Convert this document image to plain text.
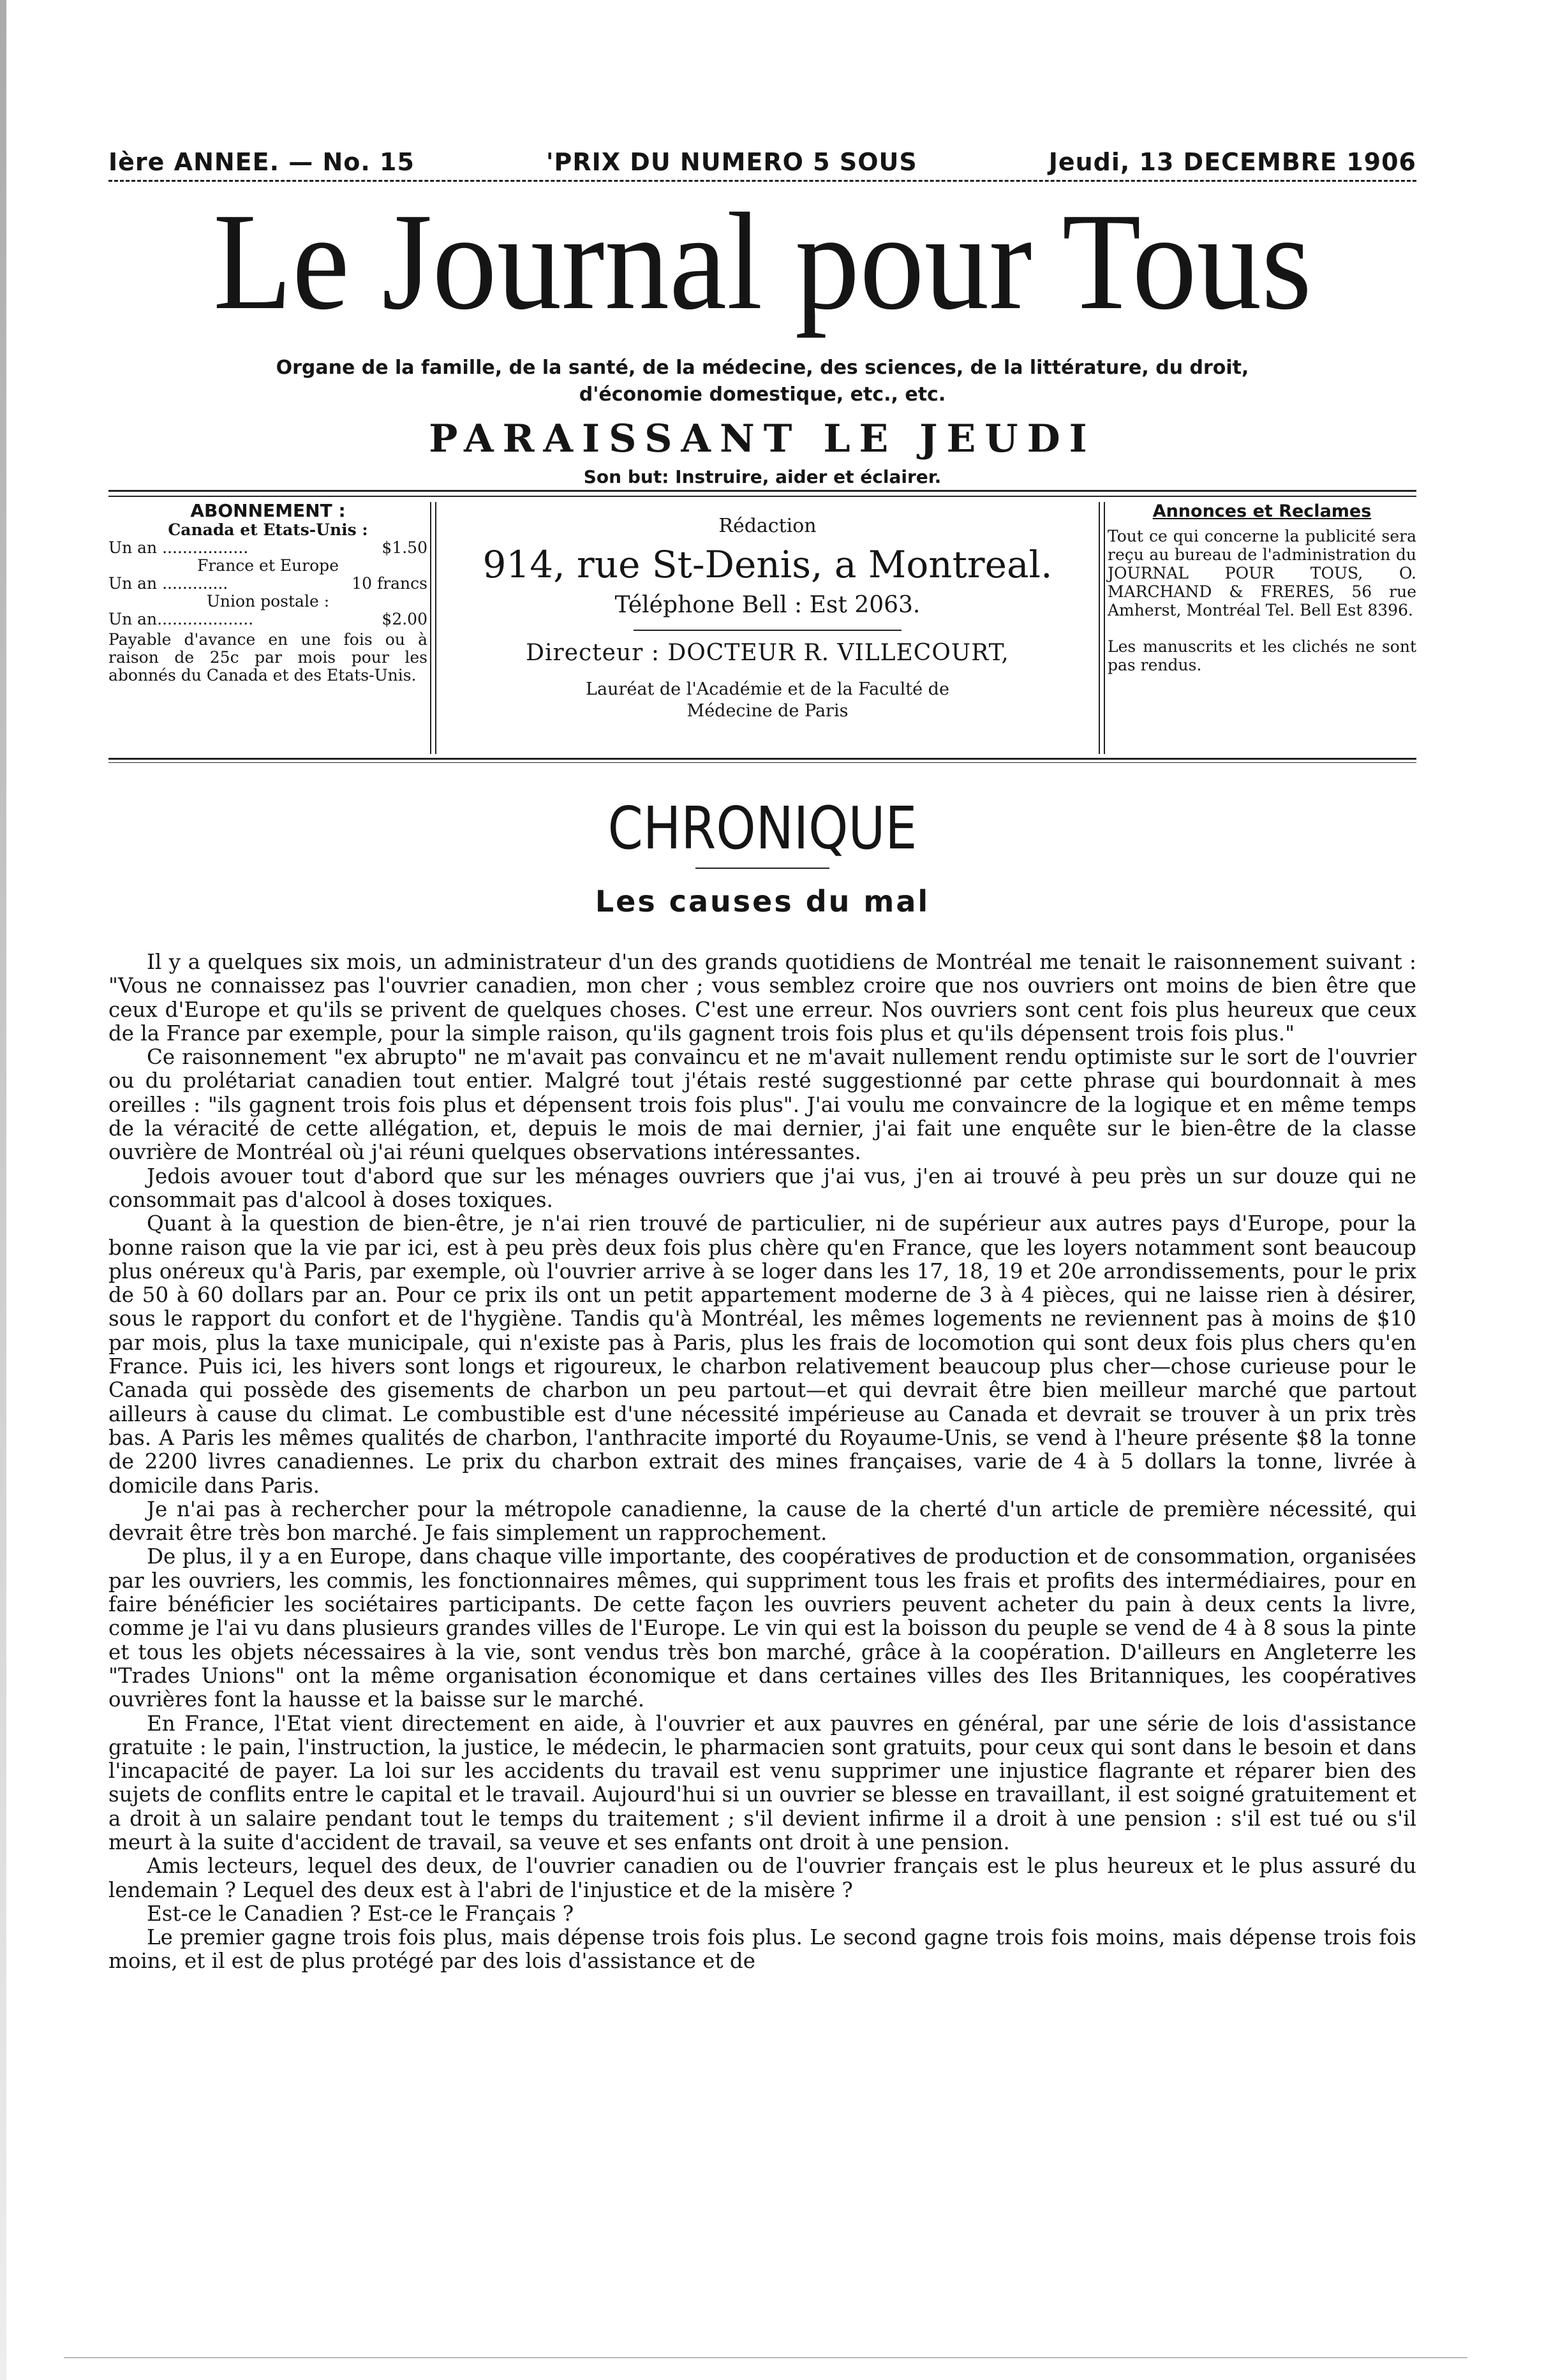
Ière ANNEE. — No. 15	'PRIX DU NUMERO 5 SOUS	Jeudi, 13 DECEMBRE 1906
Le Journal pour Tous
Organe de la famille, de la santé, de la médecine, des sciences, de la littérature, du droit,
d'économie domestique, etc., etc.
PARAISSANT LE JEUDI
Son but: Instruire, aider et éclairer.
ABONNEMENT :
Canada et Etats-Unis :
Un an .................	$1.50
France et Europe
Un an .............	10 francs
Union postale :
Un an...................	$2.00
Payable d'avance en une fois ou à raison de 25c par mois pour les abonnés du Canada et des Etats-Unis.
Rédaction
914, rue St-Denis, a Montreal.
Téléphone Bell : Est 2063.
Directeur : DOCTEUR R. VILLECOURT,
Lauréat de l'Académie et de la Faculté de
Médecine de Paris
Annonces et Reclames

Tout ce qui concerne la publicité sera reçu au bureau de l'administration du JOURNAL POUR TOUS, O. MARCHAND & FRERES, 56 rue Amherst, Montréal Tel. Bell Est 8396.

Les manuscrits et les clichés ne sont pas rendus.

CHRONIQUE
Les causes du mal

Il y a quelques six mois, un administrateur d'un des grands quotidiens de Montréal me tenait le raisonnement suivant : "Vous ne connaissez pas l'ouvrier canadien, mon cher ; vous semblez croire que nos ouvriers ont moins de bien être que ceux d'Europe et qu'ils se privent de quelques choses. C'est une erreur. Nos ouvriers sont cent fois plus heureux que ceux de la France par exemple, pour la simple raison, qu'ils gagnent trois fois plus et qu'ils dépensent trois fois plus."

Ce raisonnement "ex abrupto" ne m'avait pas convaincu et ne m'avait nullement rendu optimiste sur le sort de l'ouvrier ou du prolétariat canadien tout entier. Malgré tout j'étais resté suggestionné par cette phrase qui bourdonnait à mes oreilles : "ils gagnent trois fois plus et dépensent trois fois plus". J'ai voulu me convaincre de la logique et en même temps de la véracité de cette allégation, et, depuis le mois de mai dernier, j'ai fait une enquête sur le bien-être de la classe ouvrière de Montréal où j'ai réuni quelques observations intéressantes.

Jedois avouer tout d'abord que sur les ménages ouvriers que j'ai vus, j'en ai trouvé à peu près un sur douze qui ne consommait pas d'alcool à doses toxiques.

Quant à la question de bien-être, je n'ai rien trouvé de particulier, ni de supérieur aux autres pays d'Europe, pour la bonne raison que la vie par ici, est à peu près deux fois plus chère qu'en France, que les loyers notamment sont beaucoup plus onéreux qu'à Paris, par exemple, où l'ouvrier arrive à se loger dans les 17, 18, 19 et 20e arrondissements, pour le prix de 50 à 60 dollars par an. Pour ce prix ils ont un petit appartement moderne de 3 à 4 pièces, qui ne laisse rien à désirer, sous le rapport du confort et de l'hygiène. Tandis qu'à Montréal, les mêmes logements ne reviennent pas à moins de $10 par mois, plus la taxe municipale, qui n'existe pas à Paris, plus les frais de locomotion qui sont deux fois plus chers qu'en France. Puis ici, les hivers sont longs et rigoureux, le charbon relativement beaucoup plus cher—chose curieuse pour le Canada qui possède des gisements de charbon un peu partout—et qui devrait être bien meilleur marché que partout ailleurs à cause du climat. Le combustible est d'une nécessité impérieuse au Canada et devrait se trouver à un prix très bas. A Paris les mêmes qualités de charbon, l'anthracite importé du Royaume-Unis, se vend à l'heure présente $8 la tonne de 2200 livres canadiennes. Le prix du charbon extrait des mines françaises, varie de 4 à 5 dollars la tonne, livrée à domicile dans Paris.

Je n'ai pas à rechercher pour la métropole canadienne, la cause de la cherté d'un article de première nécessité, qui devrait être très bon marché. Je fais simplement un rapprochement.

De plus, il y a en Europe, dans chaque ville importante, des coopératives de production et de consommation, organisées par les ouvriers, les commis, les fonctionnaires mêmes, qui suppriment tous les frais et profits des intermédiaires, pour en faire bénéficier les sociétaires participants. De cette façon les ouvriers peuvent acheter du pain à deux cents la livre, comme je l'ai vu dans plusieurs grandes villes de l'Europe. Le vin qui est la boisson du peuple se vend de 4 à 8 sous la pinte et tous les objets nécessaires à la vie, sont vendus très bon marché, grâce à la coopération. D'ailleurs en Angleterre les "Trades Unions" ont la même organisation économique et dans certaines villes des Iles Britanniques, les coopératives ouvrières font la hausse et la baisse sur le marché.

En France, l'Etat vient directement en aide, à l'ouvrier et aux pauvres en général, par une série de lois d'assistance gratuite : le pain, l'instruction, la justice, le médecin, le pharmacien sont gratuits, pour ceux qui sont dans le besoin et dans l'incapacité de payer. La loi sur les accidents du travail est venu supprimer une injustice flagrante et réparer bien des sujets de conflits entre le capital et le travail. Aujourd'hui si un ouvrier se blesse en travaillant, il est soigné gratuitement et a droit à un salaire pendant tout le temps du traitement ; s'il devient infirme il a droit à une pension : s'il est tué ou s'il meurt à la suite d'accident de travail, sa veuve et ses enfants ont droit à une pension.

Amis lecteurs, lequel des deux, de l'ouvrier canadien ou de l'ouvrier français est le plus heureux et le plus assuré du lendemain ? Lequel des deux est à l'abri de l'injustice et de la misère ?

Est-ce le Canadien ? Est-ce le Français ?

Le premier gagne trois fois plus, mais dépense trois fois plus. Le second gagne trois fois moins, mais dépense trois fois moins, et il est de plus protégé par des lois d'assistance et de
